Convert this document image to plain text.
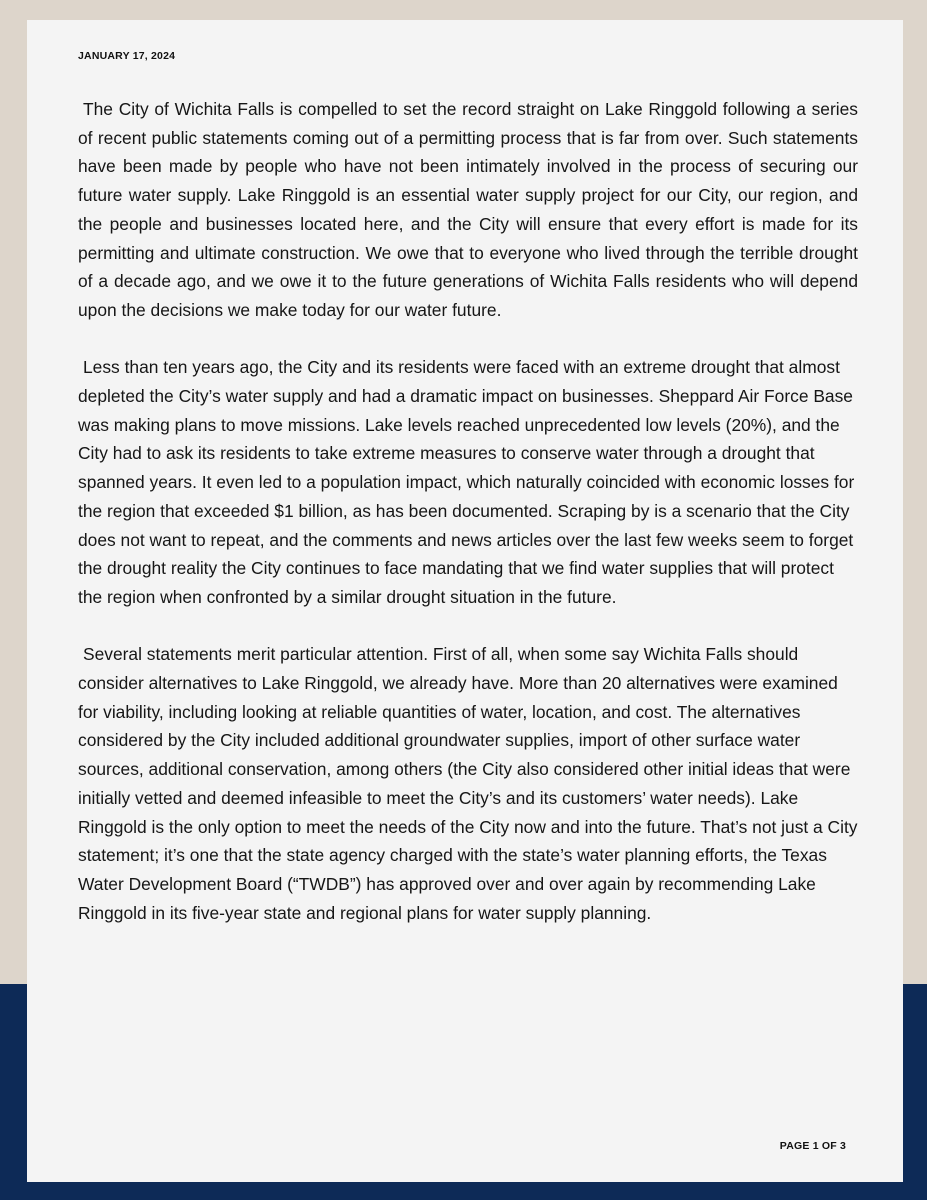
JANUARY 17, 2024

The City of Wichita Falls is compelled to set the record straight on Lake Ringgold following a series of recent public statements coming out of a permitting process that is far from over. Such statements have been made by people who have not been intimately involved in the process of securing our future water supply. Lake Ringgold is an essential water supply project for our City, our region, and the people and businesses located here, and the City will ensure that every effort is made for its permitting and ultimate construction. We owe that to everyone who lived through the terrible drought of a decade ago, and we owe it to the future generations of Wichita Falls residents who will depend upon the decisions we make today for our water future.

Less than ten years ago, the City and its residents were faced with an extreme drought that almost depleted the City’s water supply and had a dramatic impact on businesses. Sheppard Air Force Base was making plans to move missions. Lake levels reached unprecedented low levels (20%), and the City had to ask its residents to take extreme measures to conserve water through a drought that spanned years. It even led to a population impact, which naturally coincided with economic losses for the region that exceeded $1 billion, as has been documented. Scraping by is a scenario that the City does not want to repeat, and the comments and news articles over the last few weeks seem to forget the drought reality the City continues to face mandating that we find water supplies that will protect the region when confronted by a similar drought situation in the future.

Several statements merit particular attention. First of all, when some say Wichita Falls should consider alternatives to Lake Ringgold, we already have. More than 20 alternatives were examined for viability, including looking at reliable quantities of water, location, and cost. The alternatives considered by the City included additional groundwater supplies, import of other surface water sources, additional conservation, among others (the City also considered other initial ideas that were initially vetted and deemed infeasible to meet the City’s and its customers’ water needs). Lake Ringgold is the only option to meet the needs of the City now and into the future. That’s not just a City statement; it’s one that the state agency charged with the state’s water planning efforts, the Texas Water Development Board (“TWDB”) has approved over and over again by recommending Lake Ringgold in its five-year state and regional plans for water supply planning.

PAGE 1 OF 3
